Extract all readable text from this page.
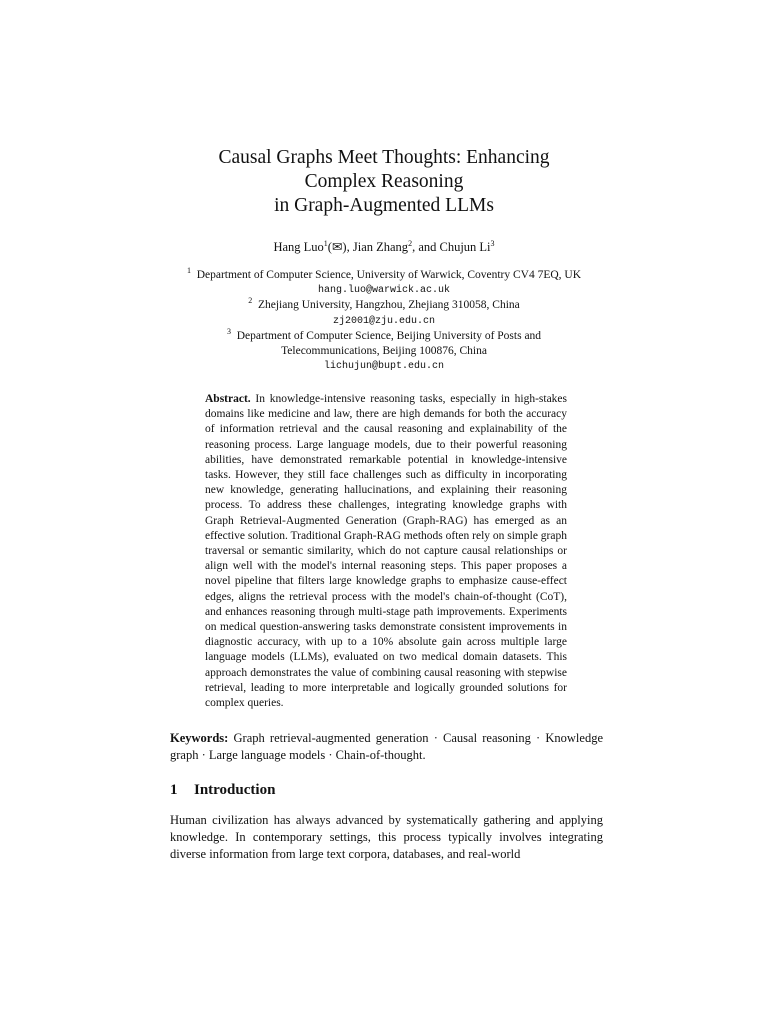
Causal Graphs Meet Thoughts: Enhancing
Complex Reasoning
in Graph-Augmented LLMs
Hang Luo$^1$(✉), Jian Zhang$^2$, and Chujun Li$^3$
$^1$ Department of Computer Science, University of Warwick, Coventry CV4 7EQ, UK
hang.luo@warwick.ac.uk
$^2$ Zhejiang University, Hangzhou, Zhejiang 310058, China
zj2001@zju.edu.cn
$^3$ Department of Computer Science, Beijing University of Posts and
Telecommunications, Beijing 100876, China
lichujun@bupt.edu.cn
Abstract. In knowledge-intensive reasoning tasks, especially in high-stakes domains like medicine and law, there are high demands for both the accuracy of information retrieval and the causal reasoning and explainability of the reasoning process. Large language models, due to their powerful reasoning abilities, have demonstrated remarkable potential in knowledge-intensive tasks. However, they still face challenges such as difficulty in incorporating new knowledge, generating hallucinations, and explaining their reasoning process. To address these challenges, integrating knowledge graphs with Graph Retrieval-Augmented Generation (Graph-RAG) has emerged as an effective solution. Traditional Graph-RAG methods often rely on simple graph traversal or semantic similarity, which do not capture causal relationships or align well with the model's internal reasoning steps. This paper proposes a novel pipeline that filters large knowledge graphs to emphasize cause-effect edges, aligns the retrieval process with the model's chain-of-thought (CoT), and enhances reasoning through multi-stage path improvements. Experiments on medical question-answering tasks demonstrate consistent improvements in diagnostic accuracy, with up to a 10% absolute gain across multiple large language models (LLMs), evaluated on two medical domain datasets. This approach demonstrates the value of combining causal reasoning with stepwise retrieval, leading to more interpretable and logically grounded solutions for complex queries.
Keywords: Graph retrieval-augmented generation · Causal reasoning · Knowledge graph · Large language models · Chain-of-thought.
1 Introduction
Human civilization has always advanced by systematically gathering and applying knowledge. In contemporary settings, this process typically involves integrating diverse information from large text corpora, databases, and real-world
